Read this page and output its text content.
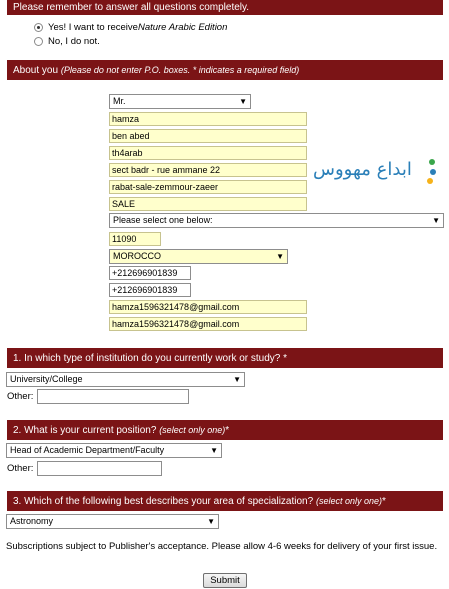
Please remember to answer all questions completely.
Yes! I want to receive Nature Arabic Edition
No, I do not.
About you
(Please do not enter P.O. boxes. * indicates a required field)
Mr.	▼
hamza
ben abed
th4arab
sect badr - rue ammane 22
rabat-sale-zemmour-zaeer
SALE
Please select one below:	▼
11090
MOROCCO	▼
+212696901839
+212696901839
hamza1596321478@gmail.com
hamza1596321478@gmail.com
ابداع مهووس
1. In which type of institution do you currently work or study? *
University/College	▼
Other:
2. What is your current position?
(select only one) *
Head of Academic Department/Faculty	▼
Other:
3. Which of the following best describes your area of specialization?
(select only one) *
Astronomy	▼
Subscriptions subject to Publisher's acceptance. Please allow 4-6 weeks for delivery of your first issue.
Submit
